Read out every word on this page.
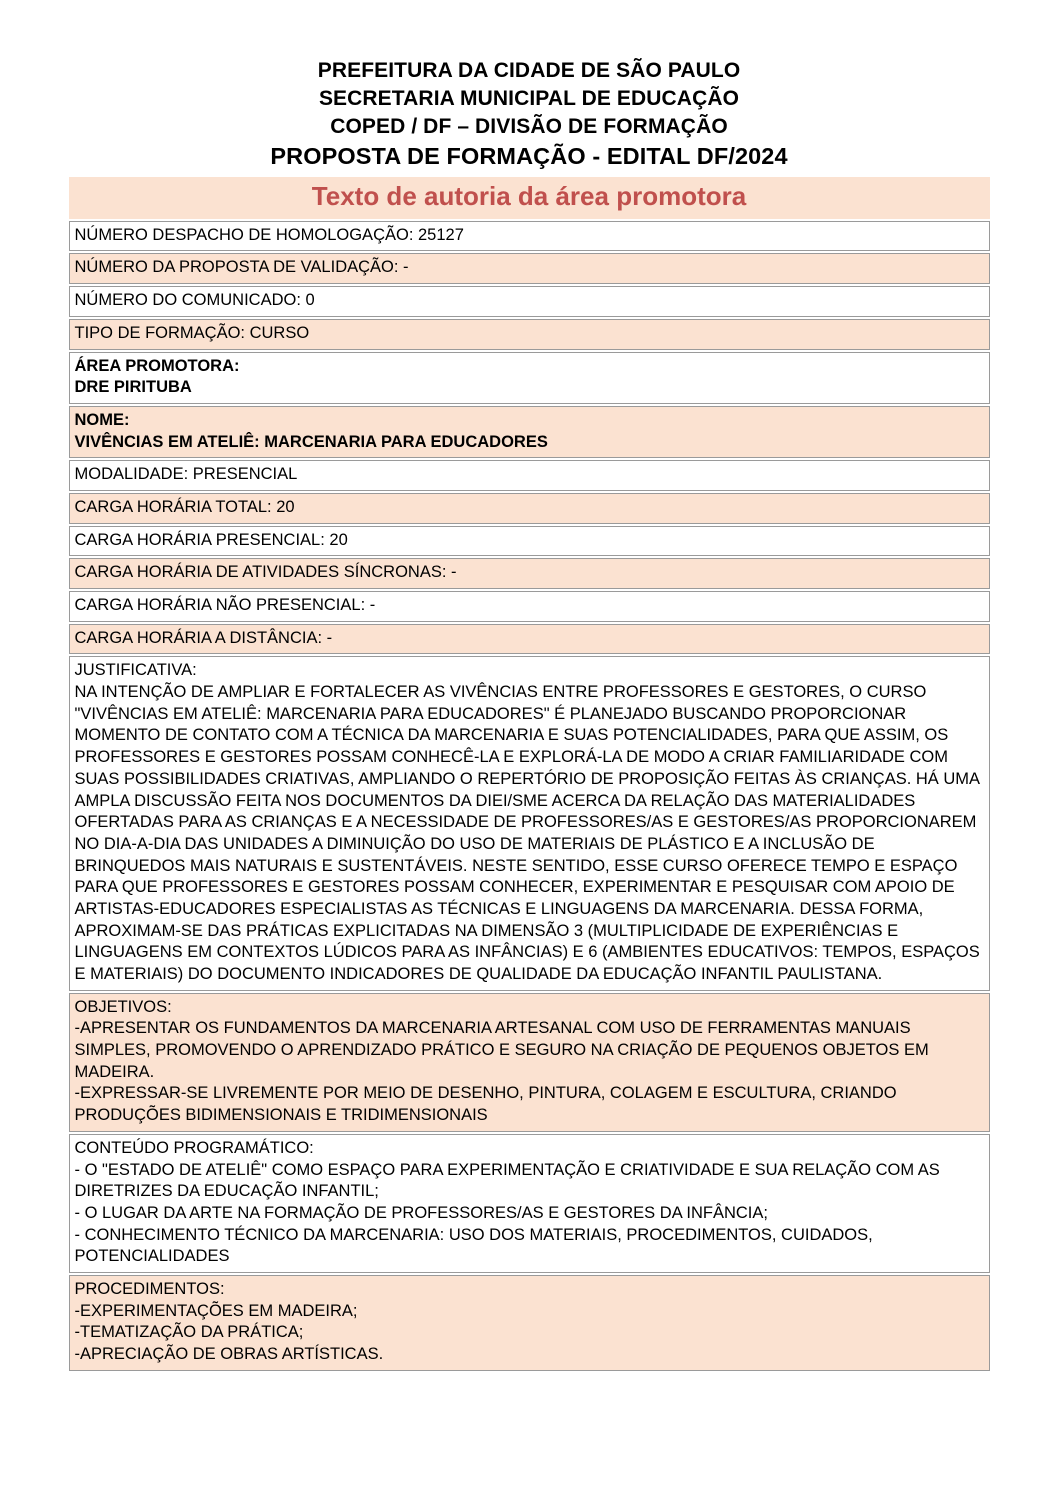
PREFEITURA DA CIDADE DE SÃO PAULO
SECRETARIA MUNICIPAL DE EDUCAÇÃO
COPED / DF – DIVISÃO DE FORMAÇÃO
PROPOSTA DE FORMAÇÃO - EDITAL DF/2024
Texto de autoria da área promotora
NÚMERO DESPACHO DE HOMOLOGAÇÃO: 25127
NÚMERO DA PROPOSTA DE VALIDAÇÃO: -
NÚMERO DO COMUNICADO: 0
TIPO DE FORMAÇÃO: CURSO

ÁREA PROMOTORA:
DRE PIRITUBA

NOME:
VIVÊNCIAS EM ATELIÊ: MARCENARIA PARA EDUCADORES

MODALIDADE: PRESENCIAL
CARGA HORÁRIA TOTAL: 20
CARGA HORÁRIA PRESENCIAL: 20
CARGA HORÁRIA DE ATIVIDADES SÍNCRONAS: -
CARGA HORÁRIA NÃO PRESENCIAL: -
CARGA HORÁRIA A DISTÂNCIA: -

JUSTIFICATIVA:
NA INTENÇÃO DE AMPLIAR E FORTALECER AS VIVÊNCIAS ENTRE PROFESSORES E GESTORES, O CURSO "VIVÊNCIAS EM ATELIÊ: MARCENARIA PARA EDUCADORES" É PLANEJADO BUSCANDO PROPORCIONAR MOMENTO DE CONTATO COM A TÉCNICA DA MARCENARIA E SUAS POTENCIALIDADES, PARA QUE ASSIM, OS PROFESSORES E GESTORES POSSAM CONHECÊ-LA E EXPLORÁ-LA DE MODO A CRIAR FAMILIARIDADE COM SUAS POSSIBILIDADES CRIATIVAS, AMPLIANDO O REPERTÓRIO DE PROPOSIÇÃO FEITAS ÀS CRIANÇAS. HÁ UMA AMPLA DISCUSSÃO FEITA NOS DOCUMENTOS DA DIEI/SME ACERCA DA RELAÇÃO DAS MATERIALIDADES OFERTADAS PARA AS CRIANÇAS E A NECESSIDADE DE PROFESSORES/AS E GESTORES/AS PROPORCIONAREM NO DIA-A-DIA DAS UNIDADES A DIMINUIÇÃO DO USO DE MATERIAIS DE PLÁSTICO E A INCLUSÃO DE BRINQUEDOS MAIS NATURAIS E SUSTENTÁVEIS. NESTE SENTIDO, ESSE CURSO OFERECE TEMPO E ESPAÇO PARA QUE PROFESSORES E GESTORES POSSAM CONHECER, EXPERIMENTAR E PESQUISAR COM APOIO DE ARTISTAS-EDUCADORES ESPECIALISTAS AS TÉCNICAS E LINGUAGENS DA MARCENARIA. DESSA FORMA, APROXIMAM-SE DAS PRÁTICAS EXPLICITADAS NA DIMENSÃO 3 (MULTIPLICIDADE DE EXPERIÊNCIAS E LINGUAGENS EM CONTEXTOS LÚDICOS PARA AS INFÂNCIAS) E 6 (AMBIENTES EDUCATIVOS: TEMPOS, ESPAÇOS E MATERIAIS) DO DOCUMENTO INDICADORES DE QUALIDADE DA EDUCAÇÃO INFANTIL PAULISTANA.

OBJETIVOS:
-APRESENTAR OS FUNDAMENTOS DA MARCENARIA ARTESANAL COM USO DE FERRAMENTAS MANUAIS SIMPLES, PROMOVENDO O APRENDIZADO PRÁTICO E SEGURO NA CRIAÇÃO DE PEQUENOS OBJETOS EM MADEIRA.
-EXPRESSAR-SE LIVREMENTE POR MEIO DE DESENHO, PINTURA, COLAGEM E ESCULTURA, CRIANDO PRODUÇÕES BIDIMENSIONAIS E TRIDIMENSIONAIS

CONTEÚDO PROGRAMÁTICO:
- O "ESTADO DE ATELIÊ" COMO ESPAÇO PARA EXPERIMENTAÇÃO E CRIATIVIDADE E SUA RELAÇÃO COM AS DIRETRIZES DA EDUCAÇÃO INFANTIL;
- O LUGAR DA ARTE NA FORMAÇÃO DE PROFESSORES/AS E GESTORES DA INFÂNCIA;
- CONHECIMENTO TÉCNICO DA MARCENARIA: USO DOS MATERIAIS, PROCEDIMENTOS, CUIDADOS, POTENCIALIDADES

PROCEDIMENTOS:
-EXPERIMENTAÇÕES EM MADEIRA;
-TEMATIZAÇÃO DA PRÁTICA;
-APRECIAÇÃO DE OBRAS ARTÍSTICAS.
